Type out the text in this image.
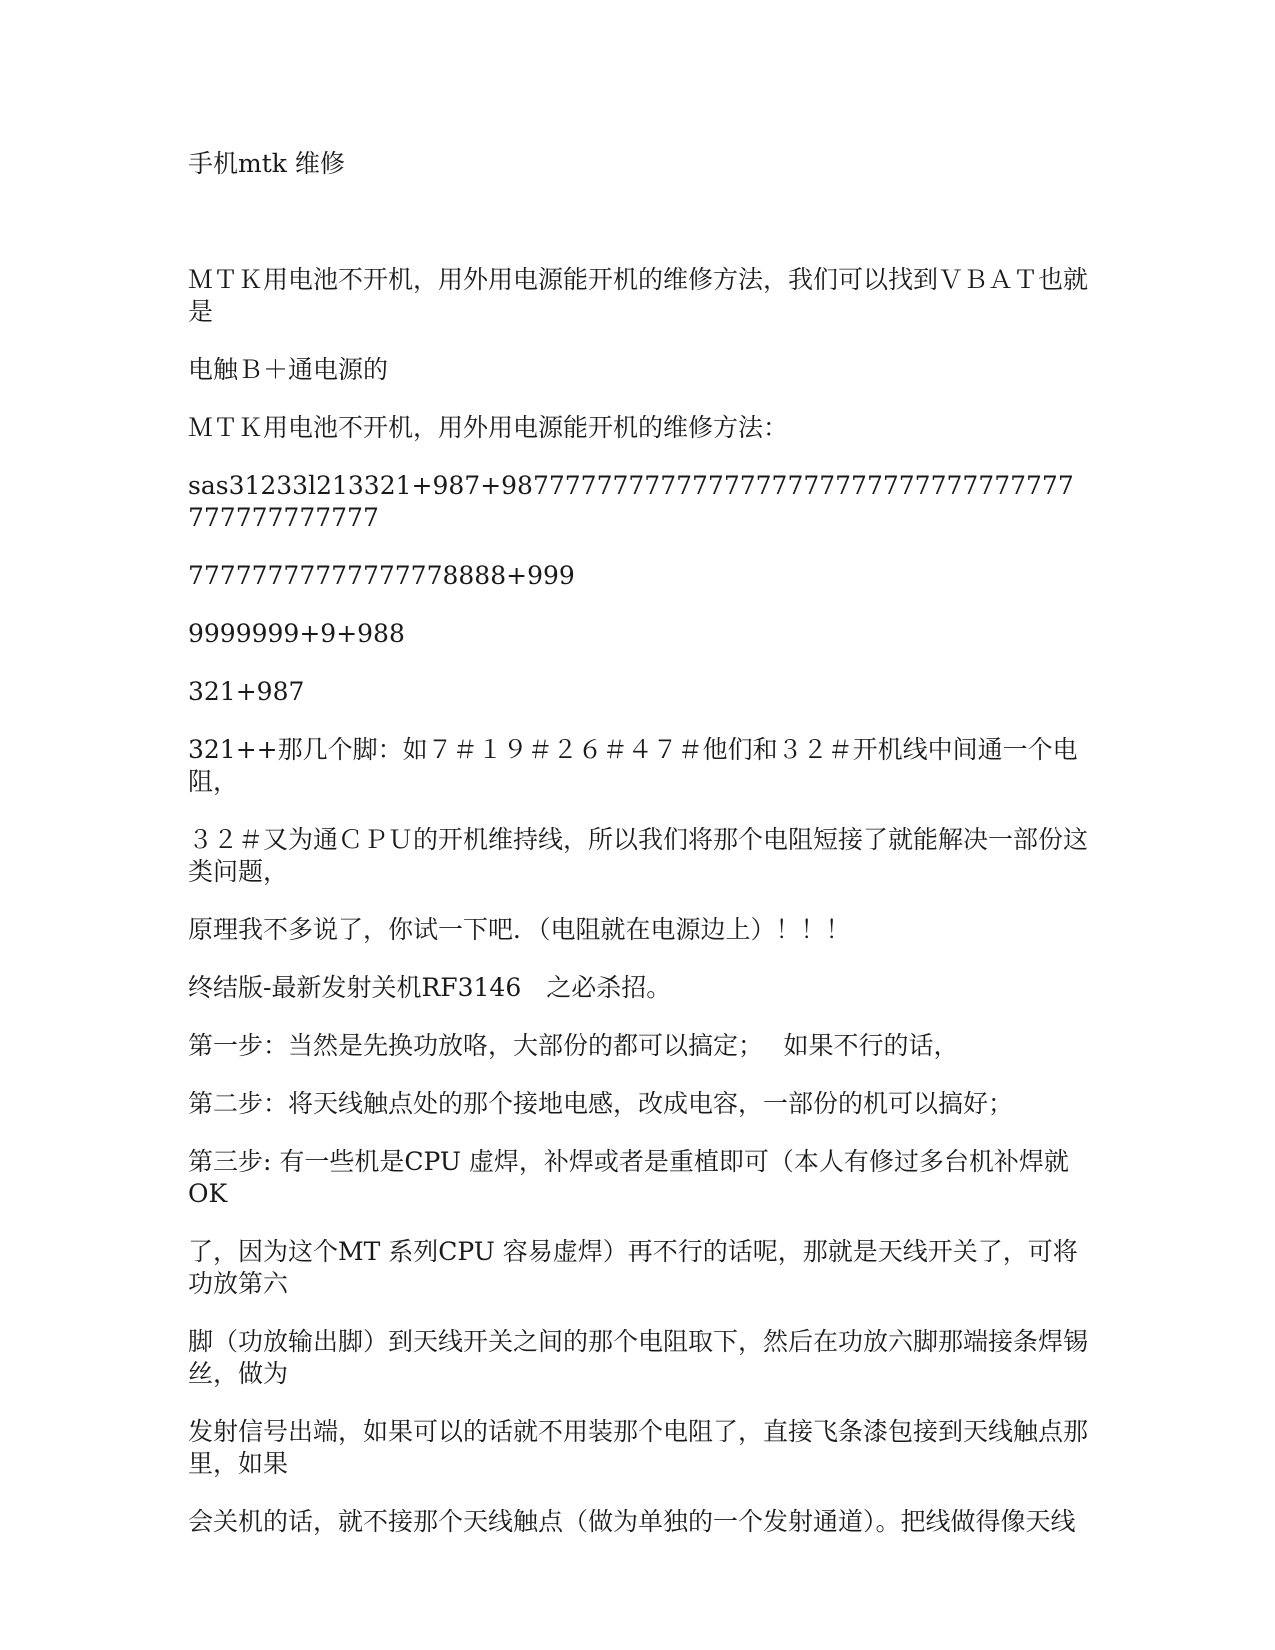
手机mtk 维修

ＭＴＫ用电池不开机，用外用电源能开机的维修方法，我们可以找到ＶＢＡＴ也就是

电触Ｂ＋通电源的

ＭＴＫ用电池不开机，用外用电源能开机的维修方法：

sas31233l213321+987+987777777777777777777777777777777777777777777777

77777777777777778888+999

9999999+9+988

321+987

321++那几个脚：如７＃１９＃２６＃４７＃他们和３２＃开机线中间通一个电阻，

３２＃又为通ＣＰＵ的开机维持线，所以我们将那个电阻短接了就能解决一部份这类问题，

原理我不多说了，你试一下吧．（电阻就在电源边上）！！！

终结版-最新发射关机RF3146　之必杀招。

第一步：当然是先换功放咯，大部份的都可以搞定；　 如果不行的话，

第二步：将天线触点处的那个接地电感，改成电容，一部份的机可以搞好；

第三步: 有一些机是CPU 虚焊，补焊或者是重植即可（本人有修过多台机补焊就OK

了，因为这个MT 系列CPU 容易虚焊）再不行的话呢，那就是天线开关了，可将功放第六

脚（功放输出脚）到天线开关之间的那个电阻取下，然后在功放六脚那端接条焊锡丝，做为

发射信号出端，如果可以的话就不用装那个电阻了，直接飞条漆包接到天线触点那里，如果

会关机的话，就不接那个天线触点（做为单独的一个发射通道）。把线做得像天线
